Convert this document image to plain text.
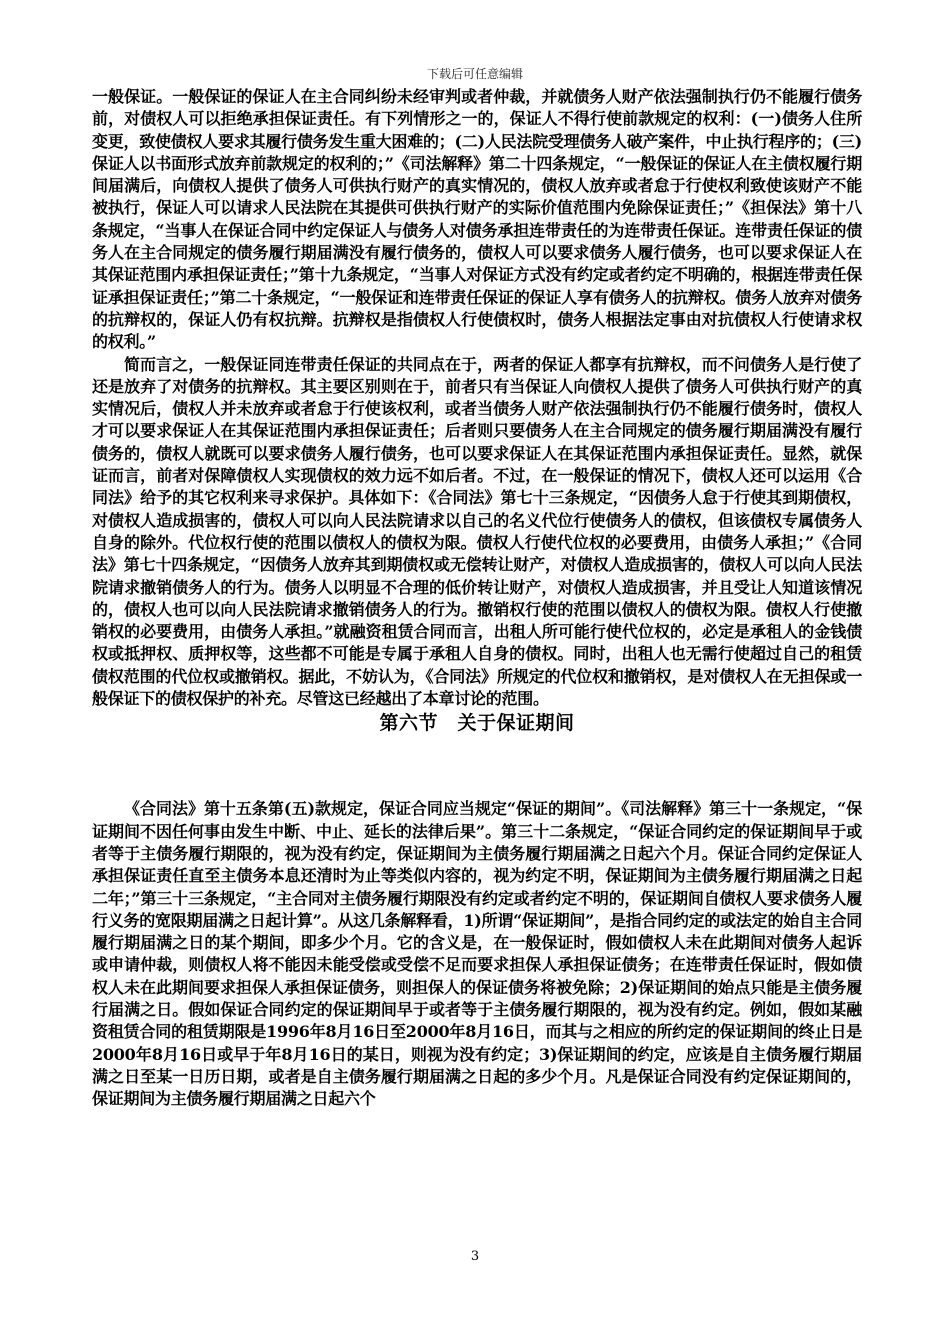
下载后可任意编辑

一般保证。一般保证的保证人在主合同纠纷未经审判或者仲裁，并就债务人财产依法强制执行仍不能履行债务前，对债权人可以拒绝承担保证责任。有下列情形之一的，保证人不得行使前款规定的权利：(一)债务人住所变更，致使债权人要求其履行债务发生重大困难的；(二)人民法院受理债务人破产案件，中止执行程序的；(三)保证人以书面形式放弃前款规定的权利的；”《司法解释》第二十四条规定，“一般保证的保证人在主债权履行期间届满后，向债权人提供了债务人可供执行财产的真实情况的，债权人放弃或者怠于行使权利致使该财产不能被执行，保证人可以请求人民法院在其提供可供执行财产的实际价值范围内免除保证责任；”《担保法》第十八条规定，“当事人在保证合同中约定保证人与债务人对债务承担连带责任的为连带责任保证。连带责任保证的债务人在主合同规定的债务履行期届满没有履行债务的，债权人可以要求债务人履行债务，也可以要求保证人在其保证范围内承担保证责任；”第十九条规定，“当事人对保证方式没有约定或者约定不明确的，根据连带责任保证承担保证责任；”第二十条规定，“一般保证和连带责任保证的保证人享有债务人的抗辩权。债务人放弃对债务的抗辩权的，保证人仍有权抗辩。抗辩权是指债权人行使债权时，债务人根据法定事由对抗债权人行使请求权的权利。”

简而言之，一般保证同连带责任保证的共同点在于，两者的保证人都享有抗辩权，而不问债务人是行使了还是放弃了对债务的抗辩权。其主要区别则在于，前者只有当保证人向债权人提供了债务人可供执行财产的真实情况后，债权人并未放弃或者怠于行使该权利，或者当债务人财产依法强制执行仍不能履行债务时，债权人才可以要求保证人在其保证范围内承担保证责任；后者则只要债务人在主合同规定的债务履行期届满没有履行债务的，债权人就既可以要求债务人履行债务，也可以要求保证人在其保证范围内承担保证责任。显然，就保证而言，前者对保障债权人实现债权的效力远不如后者。不过，在一般保证的情况下，债权人还可以运用《合同法》给予的其它权利来寻求保护。具体如下：《合同法》第七十三条规定，“因债务人怠于行使其到期债权，对债权人造成损害的，债权人可以向人民法院请求以自己的名义代位行使债务人的债权，但该债权专属债务人自身的除外。代位权行使的范围以债权人的债权为限。债权人行使代位权的必要费用，由债务人承担；”《合同法》第七十四条规定，“因债务人放弃其到期债权或无偿转让财产，对债权人造成损害的，债权人可以向人民法院请求撤销债务人的行为。债务人以明显不合理的低价转让财产，对债权人造成损害，并且受让人知道该情况的，债权人也可以向人民法院请求撤销债务人的行为。撤销权行使的范围以债权人的债权为限。债权人行使撤销权的必要费用，由债务人承担。”就融资租赁合同而言，出租人所可能行使代位权的，必定是承租人的金钱债权或抵押权、质押权等，这些都不可能是专属于承租人自身的债权。同时，出租人也无需行使超过自己的租赁债权范围的代位权或撤销权。据此，不妨认为，《合同法》所规定的代位权和撤销权，是对债权人在无担保或一般保证下的债权保护的补充。尽管这已经越出了本章讨论的范围。

第六节　关于保证期间

《合同法》第十五条第(五)款规定，保证合同应当规定“保证的期间”。《司法解释》第三十一条规定，“保证期间不因任何事由发生中断、中止、延长的法律后果”。第三十二条规定，“保证合同约定的保证期间早于或者等于主债务履行期限的，视为没有约定，保证期间为主债务履行期届满之日起六个月。保证合同约定保证人承担保证责任直至主债务本息还清时为止等类似内容的，视为约定不明，保证期间为主债务履行期届满之日起二年；”第三十三条规定，“主合同对主债务履行期限没有约定或者约定不明的，保证期间自债权人要求债务人履行义务的宽限期届满之日起计算”。从这几条解释看，1)所谓“保证期间”，是指合同约定的或法定的始自主合同履行期届满之日的某个期间，即多少个月。它的含义是，在一般保证时，假如债权人未在此期间对债务人起诉或申请仲裁，则债权人将不能因未能受偿或受偿不足而要求担保人承担保证债务；在连带责任保证时，假如债权人未在此期间要求担保人承担保证债务，则担保人的保证债务将被免除；2)保证期间的始点只能是主债务履行届满之日。假如保证合同约定的保证期间早于或者等于主债务履行期限的，视为没有约定。例如，假如某融资租赁合同的租赁期限是1996年8月16日至2000年8月16日，而其与之相应的所约定的保证期间的终止日是2000年8月16日或早于年8月16日的某日，则视为没有约定；3)保证期间的约定，应该是自主债务履行期届满之日至某一日历日期，或者是自主债务履行期届满之日起的多少个月。凡是保证合同没有约定保证期间的，保证期间为主债务履行期届满之日起六个

3
